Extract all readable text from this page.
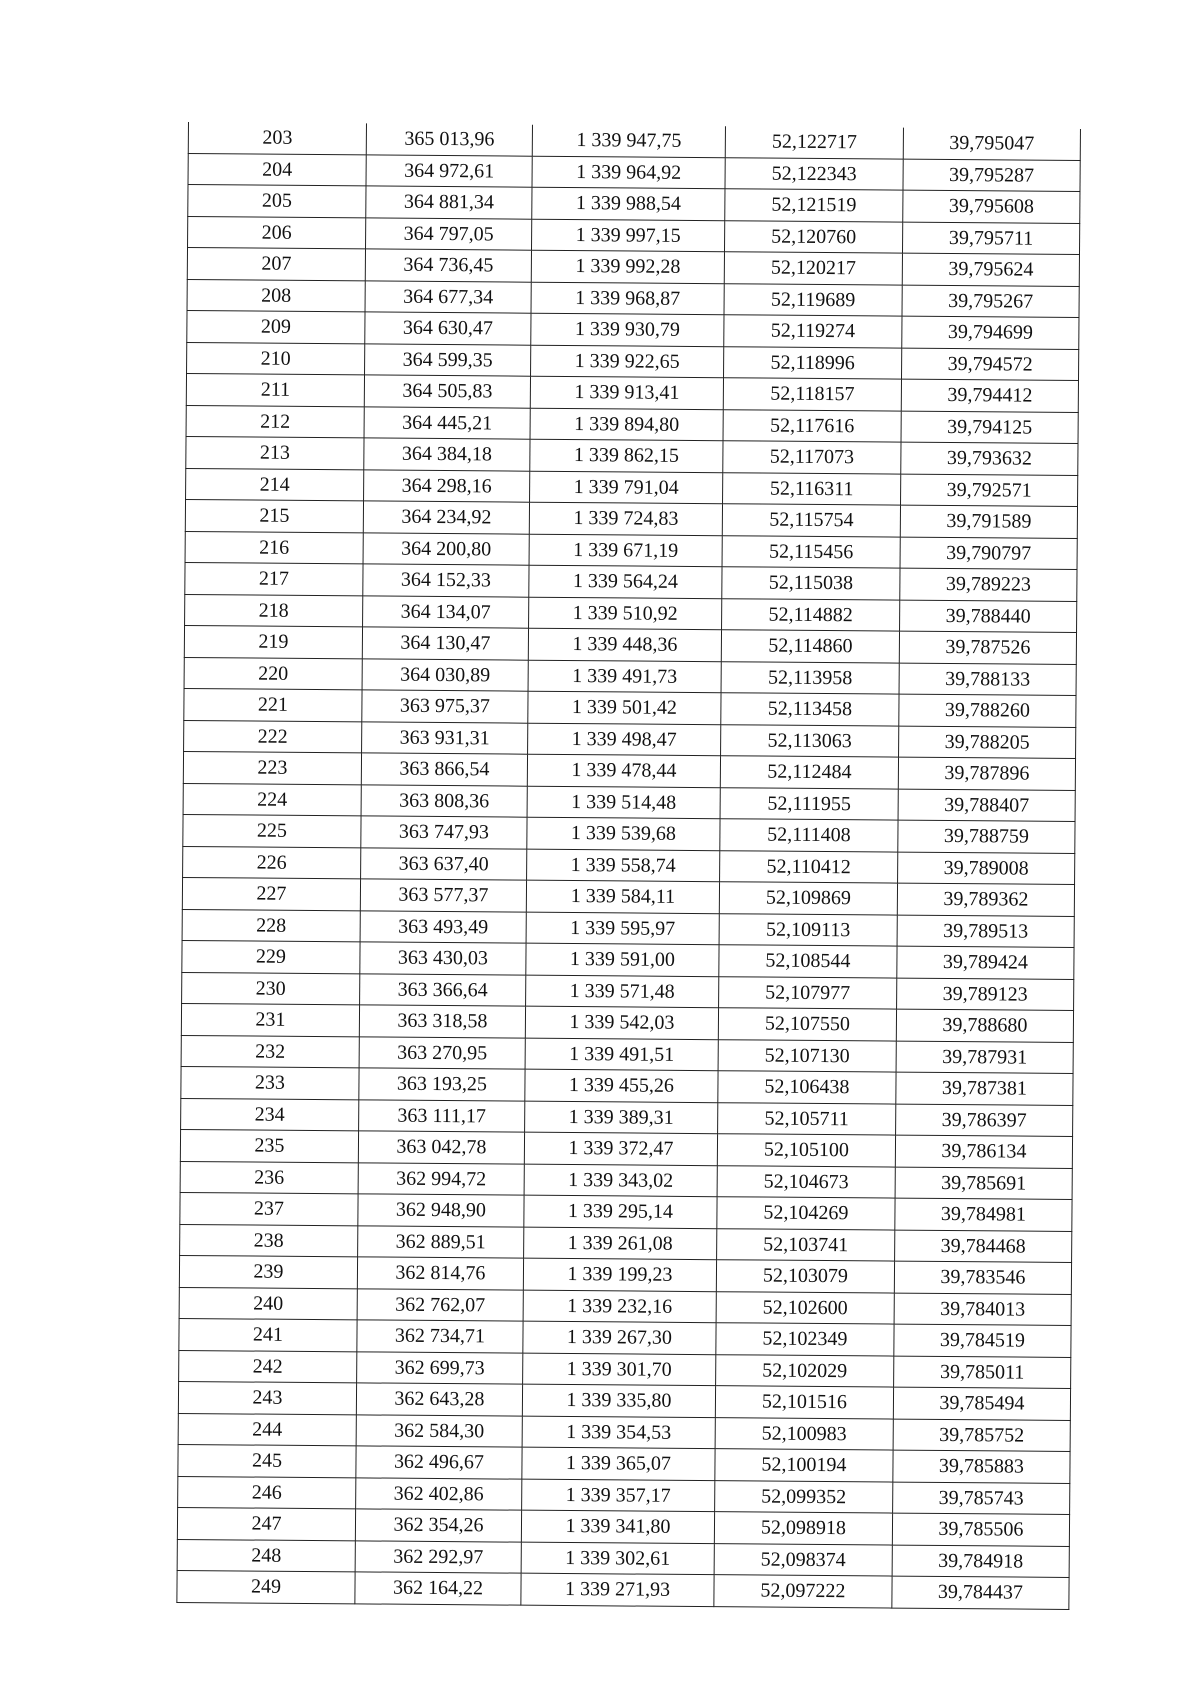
203	365 013,96	1 339 947,75	52,122717	39,795047
204	364 972,61	1 339 964,92	52,122343	39,795287
205	364 881,34	1 339 988,54	52,121519	39,795608
206	364 797,05	1 339 997,15	52,120760	39,795711
207	364 736,45	1 339 992,28	52,120217	39,795624
208	364 677,34	1 339 968,87	52,119689	39,795267
209	364 630,47	1 339 930,79	52,119274	39,794699
210	364 599,35	1 339 922,65	52,118996	39,794572
211	364 505,83	1 339 913,41	52,118157	39,794412
212	364 445,21	1 339 894,80	52,117616	39,794125
213	364 384,18	1 339 862,15	52,117073	39,793632
214	364 298,16	1 339 791,04	52,116311	39,792571
215	364 234,92	1 339 724,83	52,115754	39,791589
216	364 200,80	1 339 671,19	52,115456	39,790797
217	364 152,33	1 339 564,24	52,115038	39,789223
218	364 134,07	1 339 510,92	52,114882	39,788440
219	364 130,47	1 339 448,36	52,114860	39,787526
220	364 030,89	1 339 491,73	52,113958	39,788133
221	363 975,37	1 339 501,42	52,113458	39,788260
222	363 931,31	1 339 498,47	52,113063	39,788205
223	363 866,54	1 339 478,44	52,112484	39,787896
224	363 808,36	1 339 514,48	52,111955	39,788407
225	363 747,93	1 339 539,68	52,111408	39,788759
226	363 637,40	1 339 558,74	52,110412	39,789008
227	363 577,37	1 339 584,11	52,109869	39,789362
228	363 493,49	1 339 595,97	52,109113	39,789513
229	363 430,03	1 339 591,00	52,108544	39,789424
230	363 366,64	1 339 571,48	52,107977	39,789123
231	363 318,58	1 339 542,03	52,107550	39,788680
232	363 270,95	1 339 491,51	52,107130	39,787931
233	363 193,25	1 339 455,26	52,106438	39,787381
234	363 111,17	1 339 389,31	52,105711	39,786397
235	363 042,78	1 339 372,47	52,105100	39,786134
236	362 994,72	1 339 343,02	52,104673	39,785691
237	362 948,90	1 339 295,14	52,104269	39,784981
238	362 889,51	1 339 261,08	52,103741	39,784468
239	362 814,76	1 339 199,23	52,103079	39,783546
240	362 762,07	1 339 232,16	52,102600	39,784013
241	362 734,71	1 339 267,30	52,102349	39,784519
242	362 699,73	1 339 301,70	52,102029	39,785011
243	362 643,28	1 339 335,80	52,101516	39,785494
244	362 584,30	1 339 354,53	52,100983	39,785752
245	362 496,67	1 339 365,07	52,100194	39,785883
246	362 402,86	1 339 357,17	52,099352	39,785743
247	362 354,26	1 339 341,80	52,098918	39,785506
248	362 292,97	1 339 302,61	52,098374	39,784918
249	362 164,22	1 339 271,93	52,097222	39,784437
